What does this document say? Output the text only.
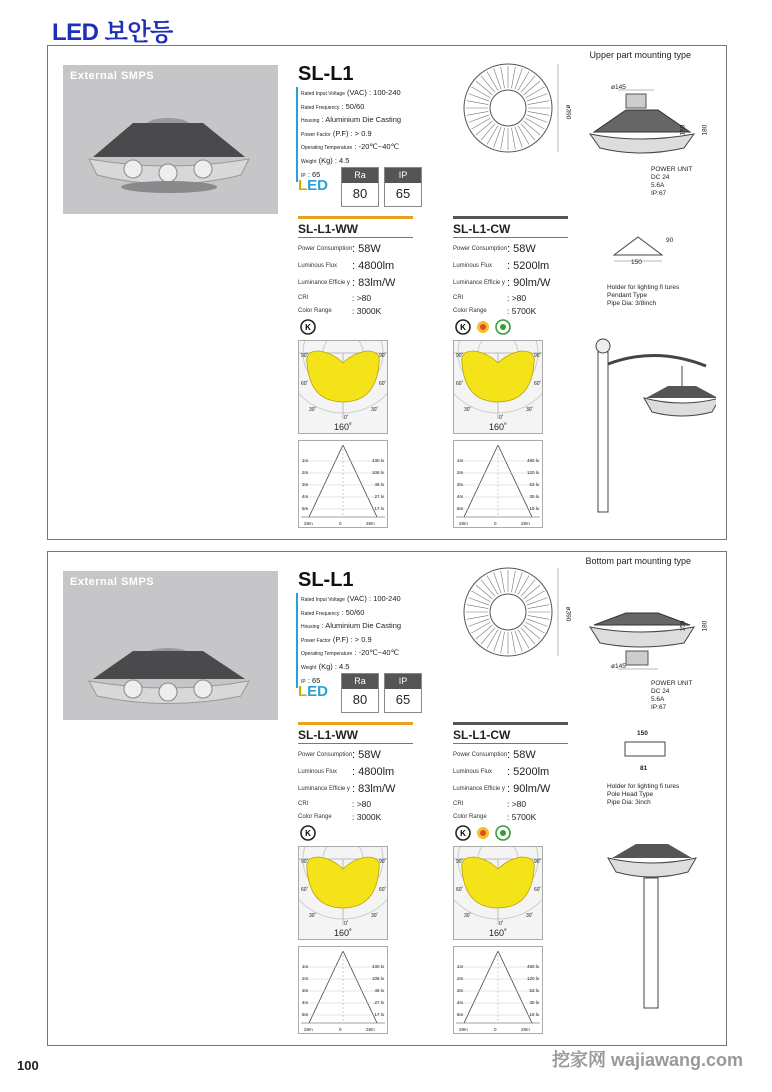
LED 보안등
External SMPS	SL-L1
Rated Input Voltage (VAC) : 100-240
Rated Frequency : 50/60
Housing : Aluminium Die Casting
Power Factor (P.F) : > 0.9
Operating Temperature : -20℃~40℃
Weight (Kg) : 4.5
IP : 65
LED
Ra
80
IP
65
SL-L1-WW
Power Consumption : 58W
Luminous Flux	: 4800lm
Luminance Efficie y : 83lm/W
CRI	: >80
Color Range	: 3000K
K
90˚	90˚
60˚	60˚
30˚
0˚
30˚
160˚
1m	430 lx
2m	108 lx
3m	48 lx
4m	27 lx
5m	17 lx
28m	0	28m
SL-L1-CW
Power Consumption : 58W
Luminous Flux	: 5200lm
Luminance Efficie y : 90lm/W
CRI	: >80
Color Range	: 5700K
K
90˚	90˚
60˚	60˚
30˚
0˚
30˚
160˚
1m	480 lx
2m	120 lx
3m	53 lx
4m	30 lx
5m	19 lx
28m	0	28m
Upper part mounting type
ø390
ø145
150 180
POWER UNIT
DC 24
5.6A
IP:67
90
150
Holder for lighting fi tures
Pendant Type
Pipe Dia: 3/8inch
External SMPS	SL-L1
Rated Input Voltage (VAC) : 100-240
Rated Frequency : 50/60
Housing : Aluminium Die Casting
Power Factor (P.F) : > 0.9
Operating Temperature : -20℃~40℃
Weight (Kg) : 4.5
IP : 65
LED
Ra
80
IP
65
SL-L1-WW
Power Consumption : 58W
Luminous Flux	: 4800lm
Luminance Efficie y : 83lm/W
CRI	: >80
Color Range	: 3000K
K
90˚	90˚
60˚	60˚
30˚
0˚
30˚
160˚
1m	430 lx
2m	108 lx
3m	48 lx
4m	27 lx
5m	17 lx
28m	0	28m
SL-L1-CW
Power Consumption : 58W
Luminous Flux	: 5200lm
Luminance Efficie y : 90lm/W
CRI	: >80
Color Range	: 5700K
K
90˚	90˚
60˚	60˚
30˚
0˚
30˚
160˚
1m	480 lx
2m	120 lx
3m	53 lx
4m	30 lx
5m	19 lx
28m	0	28m
Bottom part mounting type
ø390
ø145
150 180
POWER UNIT
DC 24
5.6A
IP:67
150
81
Holder for lighting fi tures
Pole Head Type
Pipe Dia: 3inch
100	挖家网 wajiawang.com
